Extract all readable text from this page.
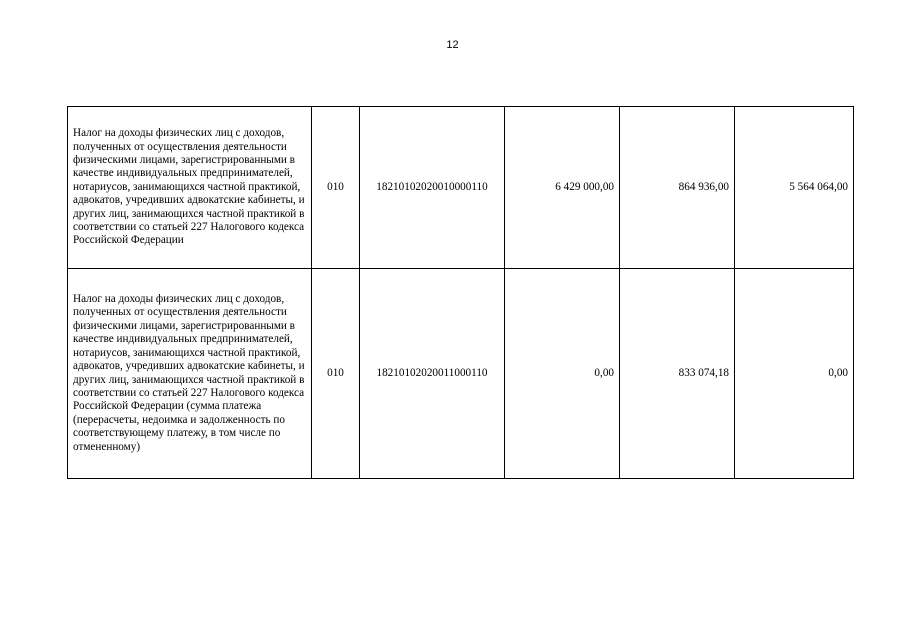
12
Налог на доходы физических лиц с доходов, полученных от осуществления деятельности физическими лицами, зарегистрированными в качестве индивидуальных предпринимателей, нотариусов, занимающихся частной практикой, адвокатов, учредивших адвокатские кабинеты, и других лиц, занимающихся частной практикой в соответствии со статьей 227 Налогового кодекса Российской Федерации	010	18210102020010000110	6 429 000,00	864 936,00	5 564 064,00
Налог на доходы физических лиц с доходов, полученных от осуществления деятельности физическими лицами, зарегистрированными в качестве индивидуальных предпринимателей, нотариусов, занимающихся частной практикой, адвокатов, учредивших адвокатские кабинеты, и других лиц, занимающихся частной практикой в соответствии со статьей 227 Налогового кодекса Российской Федерации (сумма платежа (перерасчеты, недоимка и задолженность по соответствующему платежу, в том числе по отмененному)	010	18210102020011000110	0,00	833 074,18	0,00
